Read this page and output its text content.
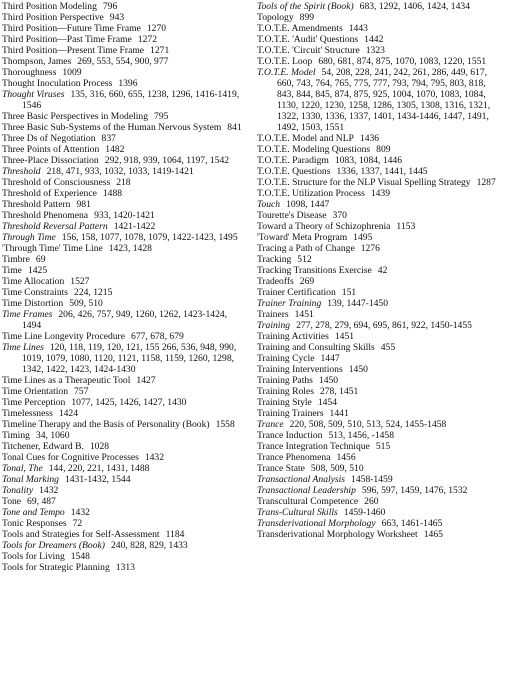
Third Position Modeling 796
Third Position Perspective 943
Third Position—Future Time Frame 1270
Third Position—Past Time Frame 1272
Third Position—Present Time Frame 1271
Thompson, James 269, 553, 554, 900, 977
Thoroughness 1009
Thought Inoculation Process 1396
Thought Viruses 135, 316, 660, 655, 1238, 1296, 1416-1419, 1546
Three Basic Perspectives in Modeling 795
Three Basic Sub-Systems of the Human Nervous System 841
Three Ds of Negotiation 837
Three Points of Attention 1482
Three-Place Dissociation 292, 918, 939, 1064, 1197, 1542
Threshold 218, 471, 933, 1032, 1033, 1419-1421
Threshold of Consciousness 218
Threshold of Experience 1488
Threshold Pattern 981
Threshold Phenomena 933, 1420-1421
Threshold Reversal Pattern 1421-1422
Through Time 156, 158, 1077, 1078, 1079, 1422-1423, 1495
'Through Time' Time Line 1423, 1428
Timbre 69
Time 1425
Time Allocation 1527
Time Constraints 224, 1215
Time Distortion 509, 510
Time Frames 206, 426, 757, 949, 1260, 1262, 1423-1424, 1494
Time Line Longevity Procedure 677, 678, 679
Time Lines 120, 118, 119, 120, 121, 155 266, 536, 948, 990, 1019, 1079, 1080, 1120, 1121, 1158, 1159, 1260, 1298, 1342, 1422, 1423, 1424-1430
Time Lines as a Therapeutic Tool 1427
Time Orientation 757
Time Perception 1077, 1425, 1426, 1427, 1430
Timelessness 1424
Timeline Therapy and the Basis of Personality (Book) 1558
Timing 34, 1060
Titchener, Edward B. 1028
Tonal Cues for Cognitive Processes 1432
Tonal, The 144, 220, 221, 1431, 1488
Tonal Marking 1431-1432, 1544
Tonality 1432
Tone 69, 487
Tone and Tempo 1432
Tonic Responses 72
Tools and Strategies for Self-Assessment 1184
Tools for Dreamers (Book) 240, 828, 829, 1433
Tools for Living 1548
Tools for Strategic Planning 1313
Tools of the Spirit (Book) 683, 1292, 1406, 1424, 1434
Topology 899
T.O.T.E. Amendments 1443
T.O.T.E. 'Audit' Questions 1442
T.O.T.E. 'Circuit' Structure 1323
T.O.T.E. Loop 680, 681, 874, 875, 1070, 1083, 1220, 1551
T.O.T.E. Model 54, 208, 228, 241, 242, 261, 286, 449, 617, 660, 743, 764, 765, 775, 777, 793, 794, 795, 803, 818, 843, 844, 845, 874, 875, 925, 1004, 1070, 1083, 1084, 1130, 1220, 1230, 1258, 1286, 1305, 1308, 1316, 1321, 1322, 1330, 1336, 1337, 1401, 1434-1446, 1447, 1491, 1492, 1503, 1551
T.O.T.E. Model and NLP 1436
T.O.T.E. Modeling Questions 809
T.O.T.E. Paradigm 1083, 1084, 1446
T.O.T.E. Questions 1336, 1337, 1441, 1445
T.O.T.E. Structure for the NLP Visual Spelling Strategy 1287
T.O.T.E. Utilization Process 1439
Touch 1098, 1447
Tourette's Disease 370
Toward a Theory of Schizophrenia 1153
'Toward' Meta Program 1495
Tracing a Path of Change 1276
Tracking 512
Tracking Transitions Exercise 42
Tradeoffs 269
Trainer Certification 151
Trainer Training 139, 1447-1450
Trainers 1451
Training 277, 278, 279, 694, 695, 861, 922, 1450-1455
Training Activities 1451
Training and Consulting Skills 455
Training Cycle 1447
Training Interventions 1450
Training Paths 1450
Training Roles 278, 1451
Training Style 1454
Training Trainers 1441
Trance 220, 508, 509, 510, 513, 524, 1455-1458
Trance Induction 513, 1456, -1458
Trance Integration Technique 515
Trance Phenomena 1456
Trance State 508, 509, 510
Transactional Analysis 1458-1459
Transactional Leadership 596, 597, 1459, 1476, 1532
Transcultural Competence 260
Trans-Cultural Skills 1459-1460
Transderivational Morphology 663, 1461-1465
Transderivational Morphology Worksheet 1465
